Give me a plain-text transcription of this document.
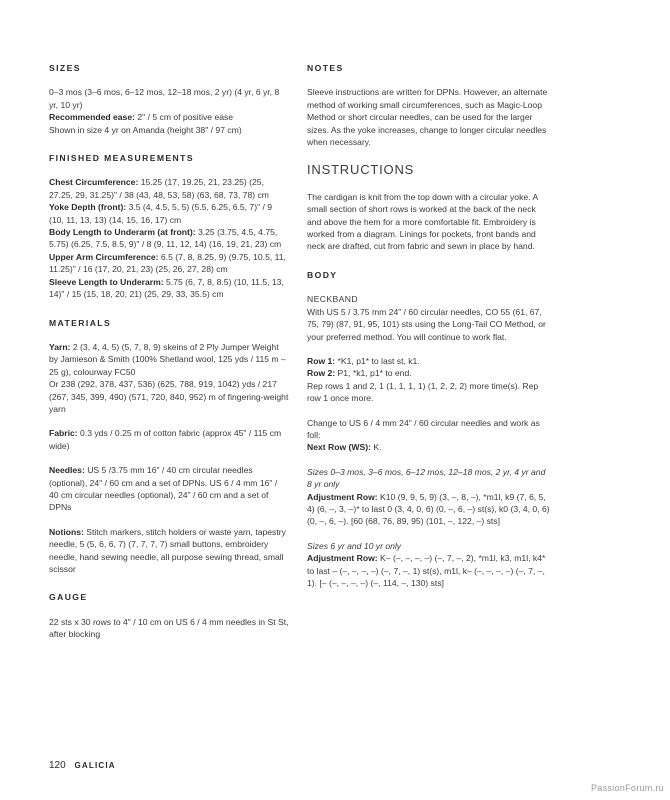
SIZES

0–3 mos (3–6 mos, 6–12 mos, 12–18 mos, 2 yr) (4 yr, 6 yr, 8 yr, 10 yr)

Recommended ease: 2" / 5 cm of positive ease

Shown in size 4 yr on Amanda (height 38" / 97 cm)

FINISHED MEASUREMENTS

Chest Circumference: 15.25 (17, 19.25, 21, 23.25) (25, 27.25, 29, 31.25)" / 38 (43, 48, 53, 58) (63, 68, 73, 78) cm

Yoke Depth (front): 3.5 (4, 4.5, 5, 5) (5.5, 6.25, 6.5, 7)" / 9 (10, 11, 13, 13) (14, 15, 16, 17) cm

Body Length to Underarm (at front): 3.25 (3.75, 4.5, 4.75, 5.75) (6.25, 7.5, 8.5, 9)" / 8 (9, 11, 12, 14) (16, 19, 21, 23) cm

Upper Arm Circumference: 6.5 (7, 8, 8.25, 9) (9.75, 10.5, 11, 11.25)" / 16 (17, 20, 21, 23) (25, 26, 27, 28) cm

Sleeve Length to Underarm: 5.75 (6, 7, 8, 8.5) (10, 11.5, 13, 14)" / 15 (15, 18, 20, 21) (25, 29, 33, 35.5) cm

MATERIALS

Yarn: 2 (3, 4, 4, 5) (5, 7, 8, 9) skeins of 2 Ply Jumper Weight by Jamieson & Smith (100% Shetland wool, 125 yds / 115 m – 25 g), colourway FC50

Or 238 (292, 378, 437, 536) (625, 788, 919, 1042) yds / 217 (267, 345, 399, 490) (571, 720, 840, 952) m of fingering-weight yarn

Fabric: 0.3 yds / 0.25 m of cotton fabric (approx 45" / 115 cm wide)

Needles: US 5 /3.75 mm 16" / 40 cm circular needles (optional), 24" / 60 cm and a set of DPNs. US 6 / 4 mm 16" / 40 cm circular needles (optional), 24" / 60 cm and a set of DPNs

Notions: Stitch markers, stitch holders or waste yarn, tapestry needle, 5 (5, 6, 6, 7) (7, 7, 7, 7) small buttons, embroidery needle, hand sewing needle, all purpose sewing thread, small scissor

GAUGE

22 sts x 30 rows to 4" / 10 cm on US 6 / 4 mm needles in St St, after blocking

NOTES

Sleeve instructions are written for DPNs. However, an alternate method of working small circumferences, such as Magic-Loop Method or short circular needles, can be used for the larger sizes. As the yoke increases, change to longer circular needles when necessary.

INSTRUCTIONS

The cardigan is knit from the top down with a circular yoke. A small section of short rows is worked at the back of the neck and above the hem for a more comfortable fit. Embroidery is worked from a diagram. Linings for pockets, front bands and neck are drafted, cut from fabric and sewn in place by hand.

BODY

NECKBAND

With US 5 / 3.75 mm 24" / 60 circular needles, CO 55 (61, 67, 75, 79) (87, 91, 95, 101) sts using the Long-Tail CO Method, or your preferred method. You will continue to work flat.

Row 1: *K1, p1* to last st, k1.

Row 2: P1, *k1, p1* to end.

Rep rows 1 and 2, 1 (1, 1, 1, 1) (1, 2, 2, 2) more time(s). Rep row 1 once more.

Change to US 6 / 4 mm 24" / 60 circular needles and work as foll:

Next Row (WS): K.

Sizes 0–3 mos, 3–6 mos, 6–12 mos, 12–18 mos, 2 yr, 4 yr and 8 yr only

Adjustment Row: K10 (9, 9, 5, 9) (3, –, 8, –), *m1l, k9 (7, 6, 5, 4) (6, –, 3, –)* to last 0 (3, 4, 0, 6) (0, –, 6, –) st(s), k0 (3, 4, 0, 6) (0, –, 6, –). [60 (68, 76, 89, 95) (101, –, 122, –) sts]

Sizes 6 yr and 10 yr only

Adjustment Row: K– (–, –, –, –) (–, 7, –, 2), *m1l, k3, m1l, k4* to last – (–, –, –, –) (–, 7, –, 1) st(s), m1l, k– (–, –, –, –) (–, 7, –, 1). [– (–, –, –, –) (–, 114, –, 130) sts]

120 GALICIA
PassionForum.ru
